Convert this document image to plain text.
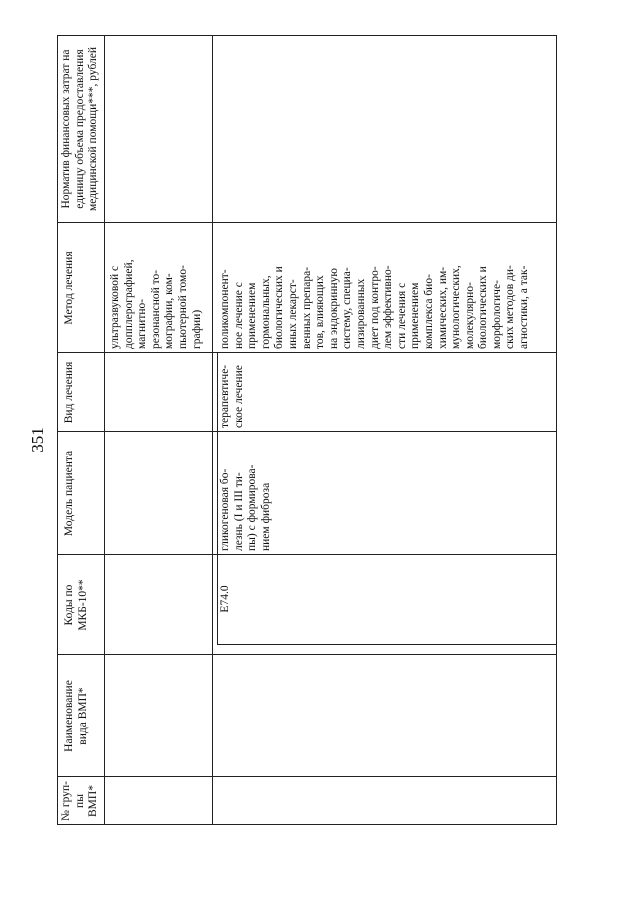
351
№ груп- пы ВМП*
Наименование вида ВМП*
Коды по МКБ-10**
Модель пациента
Вид лечения
Метод лечения
Норматив финансовых затрат на единицу объема предоставления медицинской помощи***, рублей
ультразвуковой с допплерографией, магнитно- резонансной то- мографии, ком- пьютерной томо- графии)
E74.0
гликогеновая бо- лезнь (I и III ти- пы) с формирова- нием фиброза
терапевтиче- ское лечение
поликомпонент- ное лечение с применением гормональных, биологических и иных лекарст- венных препара- тов, влияющих на эндокринную систему, специа- лизированных диет под контро- лем эффективно- сти лечения с применением комплекса био- химических, им- мунологических, молекулярно- биологических и морфологиче- ских методов ди- агностики, а так-
